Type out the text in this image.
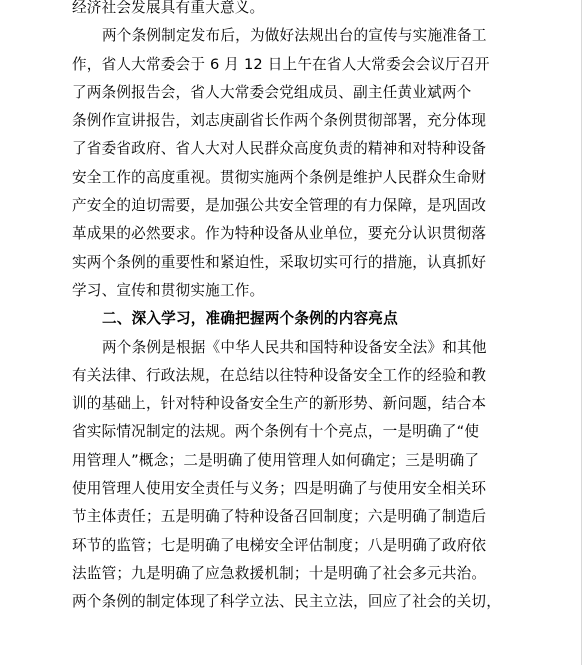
经济社会发展具有重大意义。
两个条例制定发布后，为做好法规出台的宣传与实施准备工
作，省人大常委会于 6 月 12 日上午在省人大常委会会议厅召开
了两条例报告会，省人大常委会党组成员、副主任黄业斌两个
条例作宣讲报告，刘志庚副省长作两个条例贯彻部署，充分体现
了省委省政府、省人大对人民群众高度负责的精神和对特种设备
安全工作的高度重视。贯彻实施两个条例是维护人民群众生命财
产安全的迫切需要，是加强公共安全管理的有力保障，是巩固改
革成果的必然要求。作为特种设备从业单位，要充分认识贯彻落
实两个条例的重要性和紧迫性，采取切实可行的措施，认真抓好
学习、宣传和贯彻实施工作。
二、深入学习，准确把握两个条例的内容亮点
两个条例是根据《中华人民共和国特种设备安全法》和其他
有关法律、行政法规，在总结以往特种设备安全工作的经验和教
训的基础上，针对特种设备安全生产的新形势、新问题，结合本
省实际情况制定的法规。两个条例有十个亮点，一是明确了“使
用管理人”概念；二是明确了使用管理人如何确定；三是明确了
使用管理人使用安全责任与义务；四是明确了与使用安全相关环
节主体责任；五是明确了特种设备召回制度；六是明确了制造后
环节的监管；七是明确了电梯安全评估制度；八是明确了政府依
法监管；九是明确了应急救援机制；十是明确了社会多元共治。
两个条例的制定体现了科学立法、民主立法，回应了社会的关切，
